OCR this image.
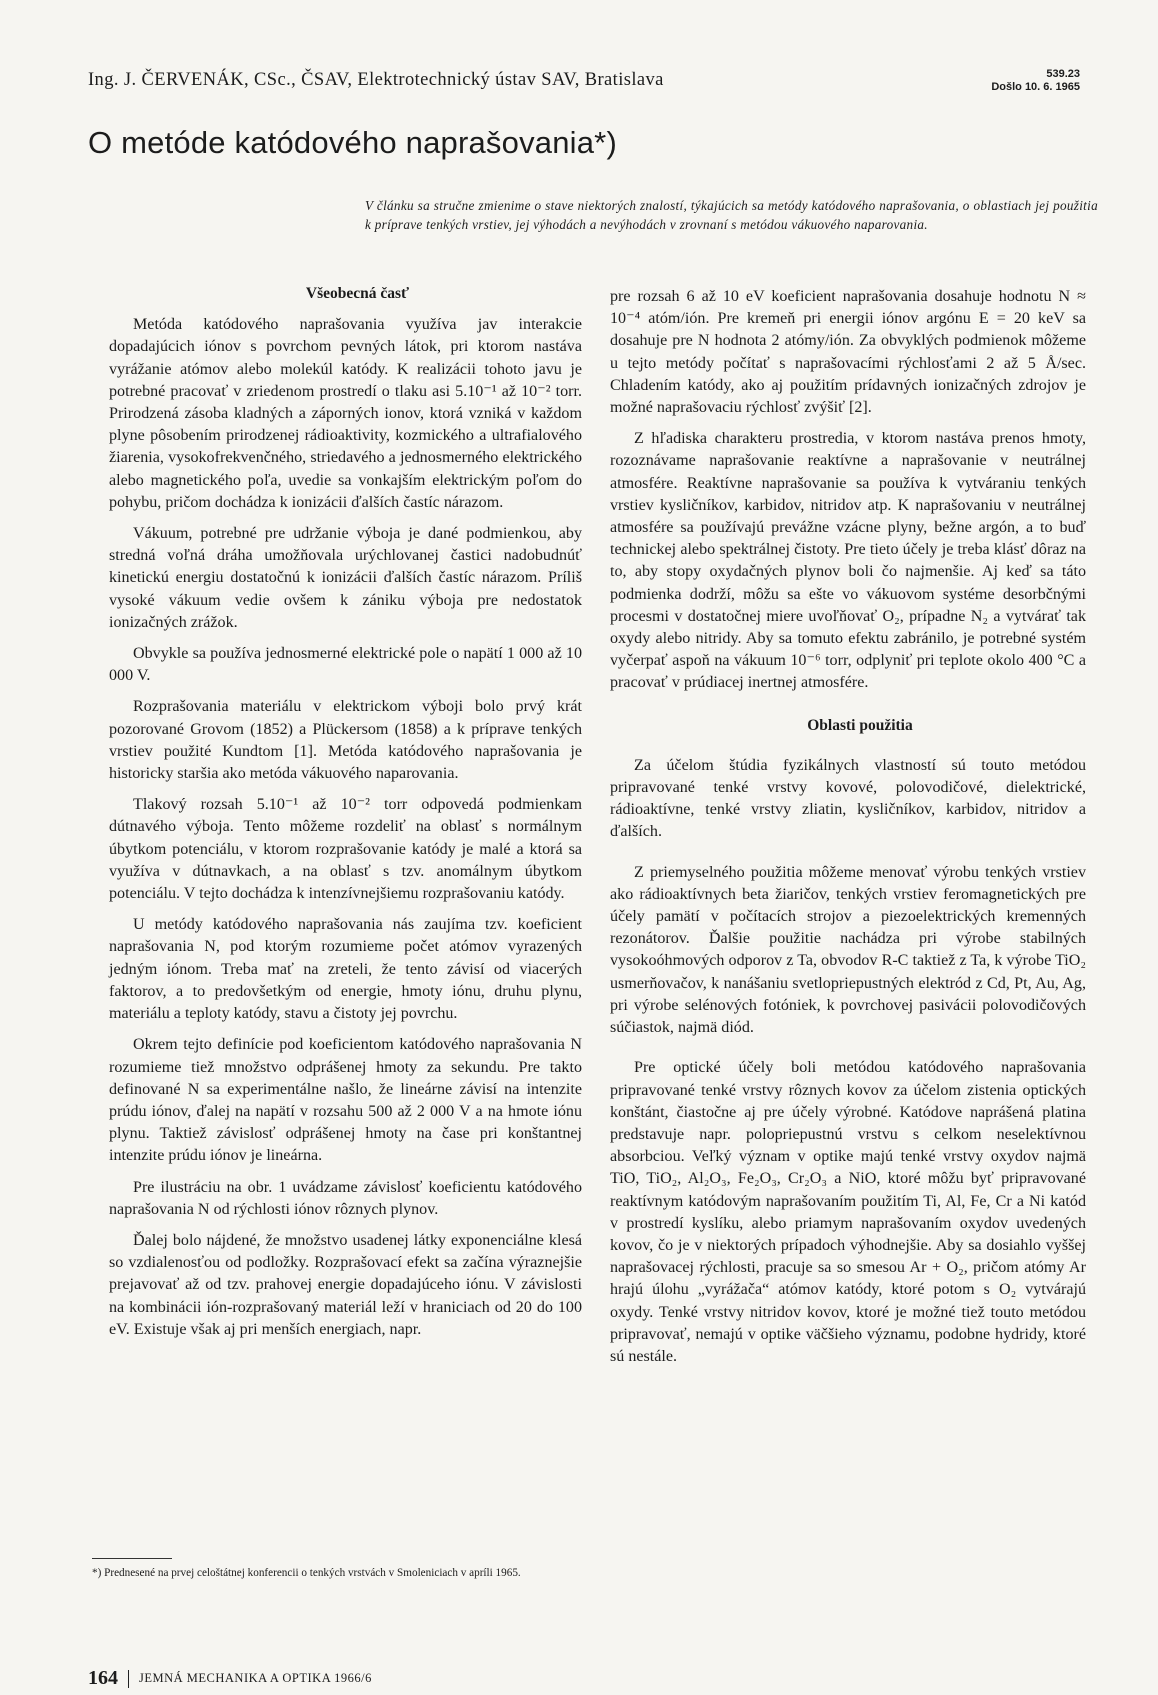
Ing. J. ČERVENÁK, CSc., ČSAV, Elektrotechnický ústav SAV, Bratislava	539.23
Došlo 10. 6. 1965
O metóde katódového naprašovania*)
V článku sa stručne zmienime o stave niektorých znalostí, týkajúcich sa metódy katódového naprašovania, o oblastiach jej použitia k príprave tenkých vrstiev, jej výhodách a nevýhodách v zrovnaní s metódou vákuového naparovania.

Všeobecná časť

Metóda katódového naprašovania využíva jav interakcie dopadajúcich iónov s povrchom pevných látok, pri ktorom nastáva vyrážanie atómov alebo molekúl katódy. K realizácii tohoto javu je potrebné pracovať v zriedenom prostredí o tlaku asi 5.10⁻¹ až 10⁻² torr. Prirodzená zásoba kladných a záporných ionov, ktorá vzniká v každom plyne pôsobením prirodzenej rádioaktivity, kozmického a ultrafialového žiarenia, vysokofrekvenčného, striedavého a jednosmerného elektrického alebo magnetického poľa, uvedie sa vonkajším elektrickým poľom do pohybu, pričom dochádza k ionizácii ďalších častíc nárazom.

Vákuum, potrebné pre udržanie výboja je dané podmienkou, aby stredná voľná dráha umožňovala urýchlovanej častici nadobudnúť kinetickú energiu dostatočnú k ionizácii ďalších častíc nárazom. Príliš vysoké vákuum vedie ovšem k zániku výboja pre nedostatok ionizačných zrážok.

Obvykle sa používa jednosmerné elektrické pole o napätí 1 000 až 10 000 V.

Rozprašovania materiálu v elektrickom výboji bolo prvý krát pozorované Grovom (1852) a Plückersom (1858) a k príprave tenkých vrstiev použité Kundtom [1]. Metóda katódového naprašovania je historicky staršia ako metóda vákuového naparovania.

Tlakový rozsah 5.10⁻¹ až 10⁻² torr odpovedá podmienkam dútnavého výboja. Tento môžeme rozdeliť na oblasť s normálnym úbytkom potenciálu, v ktorom rozprašovanie katódy je malé a ktorá sa využíva v dútnavkach, a na oblasť s tzv. anomálnym úbytkom potenciálu. V tejto dochádza k intenzívnejšiemu rozprašovaniu katódy.

U metódy katódového naprašovania nás zaujíma tzv. koeficient naprašovania N, pod ktorým rozumieme počet atómov vyrazených jedným iónom. Treba mať na zreteli, že tento závisí od viacerých faktorov, a to predovšetkým od energie, hmoty iónu, druhu plynu, materiálu a teploty katódy, stavu a čistoty jej povrchu.

Okrem tejto definície pod koeficientom katódového naprašovania N rozumieme tiež množstvo odprášenej hmoty za sekundu. Pre takto definované N sa experimentálne našlo, že lineárne závisí na intenzite prúdu iónov, ďalej na napätí v rozsahu 500 až 2 000 V a na hmote iónu plynu. Taktiež závislosť odprášenej hmoty na čase pri konštantnej intenzite prúdu iónov je lineárna.

Pre ilustráciu na obr. 1 uvádzame závislosť koeficientu katódového naprašovania N od rýchlosti iónov rôznych plynov.

Ďalej bolo nájdené, že množstvo usadenej látky exponenciálne klesá so vzdialenosťou od podložky. Rozprašovací efekt sa začína výraznejšie prejavovať až od tzv. prahovej energie dopadajúceho iónu. V závislosti na kombinácii ión-rozprašovaný materiál leží v hraniciach od 20 do 100 eV. Existuje však aj pri menších energiach, napr.

pre rozsah 6 až 10 eV koeficient naprašovania dosahuje hodnotu N ≈ 10⁻⁴ atóm/ión. Pre kremeň pri energii iónov argónu E = 20 keV sa dosahuje pre N hodnota 2 atómy/ión. Za obvyklých podmienok môžeme u tejto metódy počítať s naprašovacími rýchlosťami 2 až 5 Å/sec. Chladením katódy, ako aj použitím prídavných ionizačných zdrojov je možné naprašovaciu rýchlosť zvýšiť [2].

Z hľadiska charakteru prostredia, v ktorom nastáva prenos hmoty, rozoznávame naprašovanie reaktívne a naprašovanie v neutrálnej atmosfére. Reaktívne naprašovanie sa používa k vytváraniu tenkých vrstiev kysličníkov, karbidov, nitridov atp. K naprašovaniu v neutrálnej atmosfére sa používajú prevážne vzácne plyny, bežne argón, a to buď technickej alebo spektrálnej čistoty. Pre tieto účely je treba klásť dôraz na to, aby stopy oxydačných plynov boli čo najmenšie. Aj keď sa táto podmienka dodrží, môžu sa ešte vo vákuovom systéme desorbčnými procesmi v dostatočnej miere uvoľňovať O₂, prípadne N₂ a vytvárať tak oxydy alebo nitridy. Aby sa tomuto efektu zabránilo, je potrebné systém vyčerpať aspoň na vákuum 10⁻⁶ torr, odplyniť pri teplote okolo 400 °C a pracovať v prúdiacej inertnej atmosfére.

Oblasti použitia

Za účelom štúdia fyzikálnych vlastností sú touto metódou pripravované tenké vrstvy kovové, polovodičové, dielektrické, rádioaktívne, tenké vrstvy zliatin, kysličníkov, karbidov, nitridov a ďalších.

Z priemyselného použitia môžeme menovať výrobu tenkých vrstiev ako rádioaktívnych beta žiaričov, tenkých vrstiev feromagnetických pre účely pamätí v počítacích strojov a piezoelektrických kremenných rezonátorov. Ďalšie použitie nachádza pri výrobe stabilných vysokoóhmových odporov z Ta, obvodov R-C taktiež z Ta, k výrobe TiO₂ usmerňovačov, k nanášaniu svetlopriepustných elektród z Cd, Pt, Au, Ag, pri výrobe selénových fotóniek, k povrchovej pasivácii polovodičových súčiastok, najmä diód.

Pre optické účely boli metódou katódového naprašovania pripravované tenké vrstvy rôznych kovov za účelom zistenia optických konštánt, čiastočne aj pre účely výrobné. Katódove naprášená platina predstavuje napr. polopriepustnú vrstvu s celkom neselektívnou absorbciou. Veľký význam v optike majú tenké vrstvy oxydov najmä TiO, TiO₂, Al₂O₃, Fe₂O₃, Cr₂O₃ a NiO, ktoré môžu byť pripravované reaktívnym katódovým naprašovaním použitím Ti, Al, Fe, Cr a Ni katód v prostredí kyslíku, alebo priamym naprašovaním oxydov uvedených kovov, čo je v niektorých prípadoch výhodnejšie. Aby sa dosiahlo vyššej naprašovacej rýchlosti, pracuje sa so smesou Ar + O₂, pričom atómy Ar hrajú úlohu „vyrážača“ atómov katódy, ktoré potom s O₂ vytvárajú oxydy. Tenké vrstvy nitridov kovov, ktoré je možné tiež touto metódou pripravovať, nemajú v optike väčšieho významu, podobne hydridy, ktoré sú nestále.

*) Prednesené na prvej celoštátnej konferencii o tenkých vrstvách v Smoleniciach v apríli 1965.
164 JEMNÁ MECHANIKA A OPTIKA 1966/6
